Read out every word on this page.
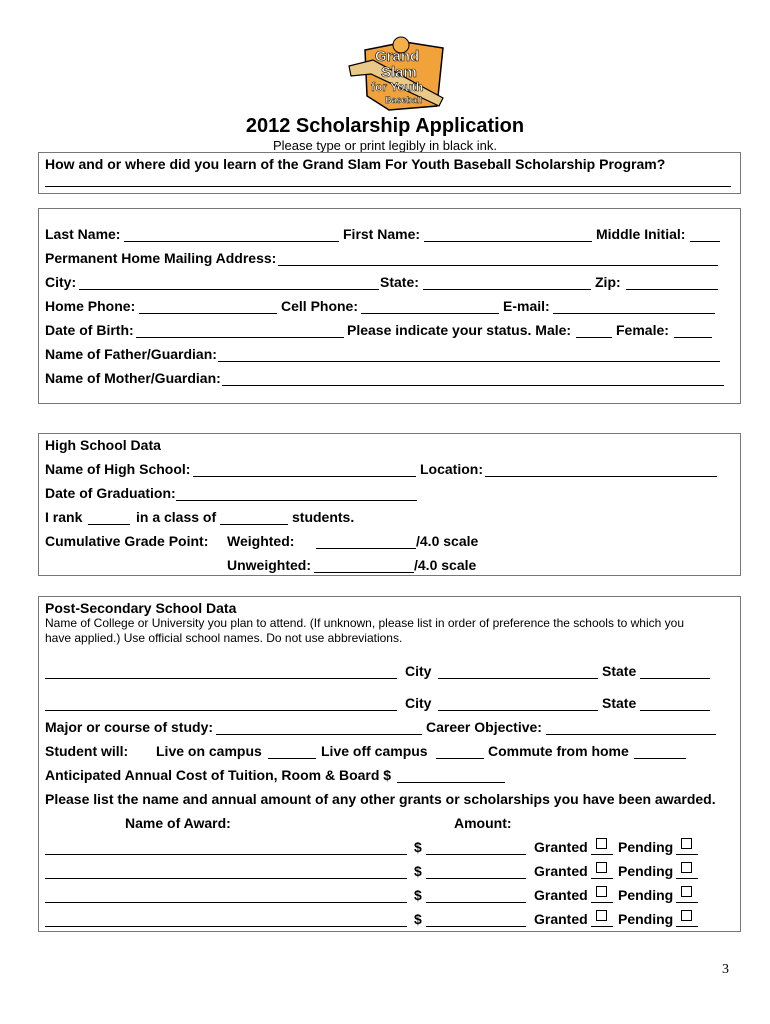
Grand
Slam
for Youth
Baseball
2012 Scholarship Application
Please type or print legibly in black ink.
How and or where did you learn of the Grand Slam For Youth Baseball Scholarship Program?
Last Name:	First Name:	Middle Initial:
Permanent Home Mailing Address:
City:	State:	Zip:
Home Phone:	Cell Phone:	E-mail:
Date of Birth:	Please indicate your status. Male:	Female:
Name of Father/Guardian:
Name of Mother/Guardian:
High School Data
Name of High School:	Location:
Date of Graduation:
I rank	in a class of	students.
Cumulative Grade Point: Weighted:	/4.0 scale
Unweighted:	/4.0 scale
Post-Secondary School Data
Name of College or University you plan to attend. (If unknown, please list in order of preference the schools to which you
have applied.) Use official school names. Do not use abbreviations.
City	State
City	State
Major or course of study:	Career Objective:
Student will: Live on campus	Live off campus	Commute from home
Anticipated Annual Cost of Tuition, Room & Board $
Please list the name and annual amount of any other grants or scholarships you have been awarded.
Name of Award:	Amount:
$	Granted Pending
$	Granted Pending
$	Granted Pending
$	Granted Pending
3
